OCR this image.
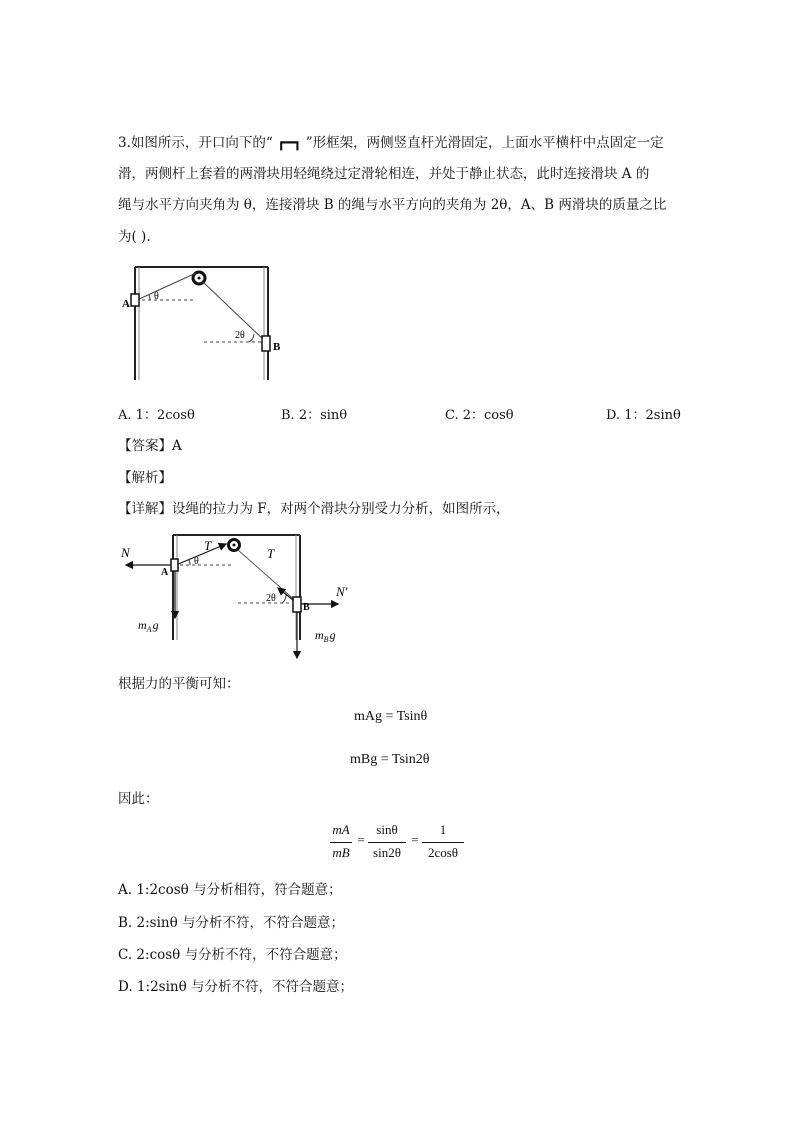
3.如图所示，开口向下的“ ┏━┓ ”形框架，两侧竖直杆光滑固定，上面水平横杆中点固定一定
滑，两侧杆上套着的两滑块用轻绳绕过定滑轮相连，并处于静止状态，此时连接滑块 A 的
绳与水平方向夹角为 θ，连接滑块 B 的绳与水平方向的夹角为 2θ，A、B 两滑块的质量之比
为( ).
A
B
θ
2θ
A. 1：2cosθ	B. 2：sinθ	C. 2：cosθ	D. 1：2sinθ
【答案】A
【解析】
【详解】设绳的拉力为 F，对两个滑块分别受力分析，如图所示，
N	T
T
A
B
θ
2θ	N′
$m_Ag$
$m_Bg$
根据力的平衡可知：
mAg = Tsinθ
mBg = Tsin2θ
因此：
mA
mB
=
sinθ
sin2θ
=
1
2cosθ
A. 1:2cosθ 与分析相符，符合题意；
B. 2:sinθ 与分析不符，不符合题意；
C. 2:cosθ 与分析不符，不符合题意；
D. 1:2sinθ 与分析不符，不符合题意；
